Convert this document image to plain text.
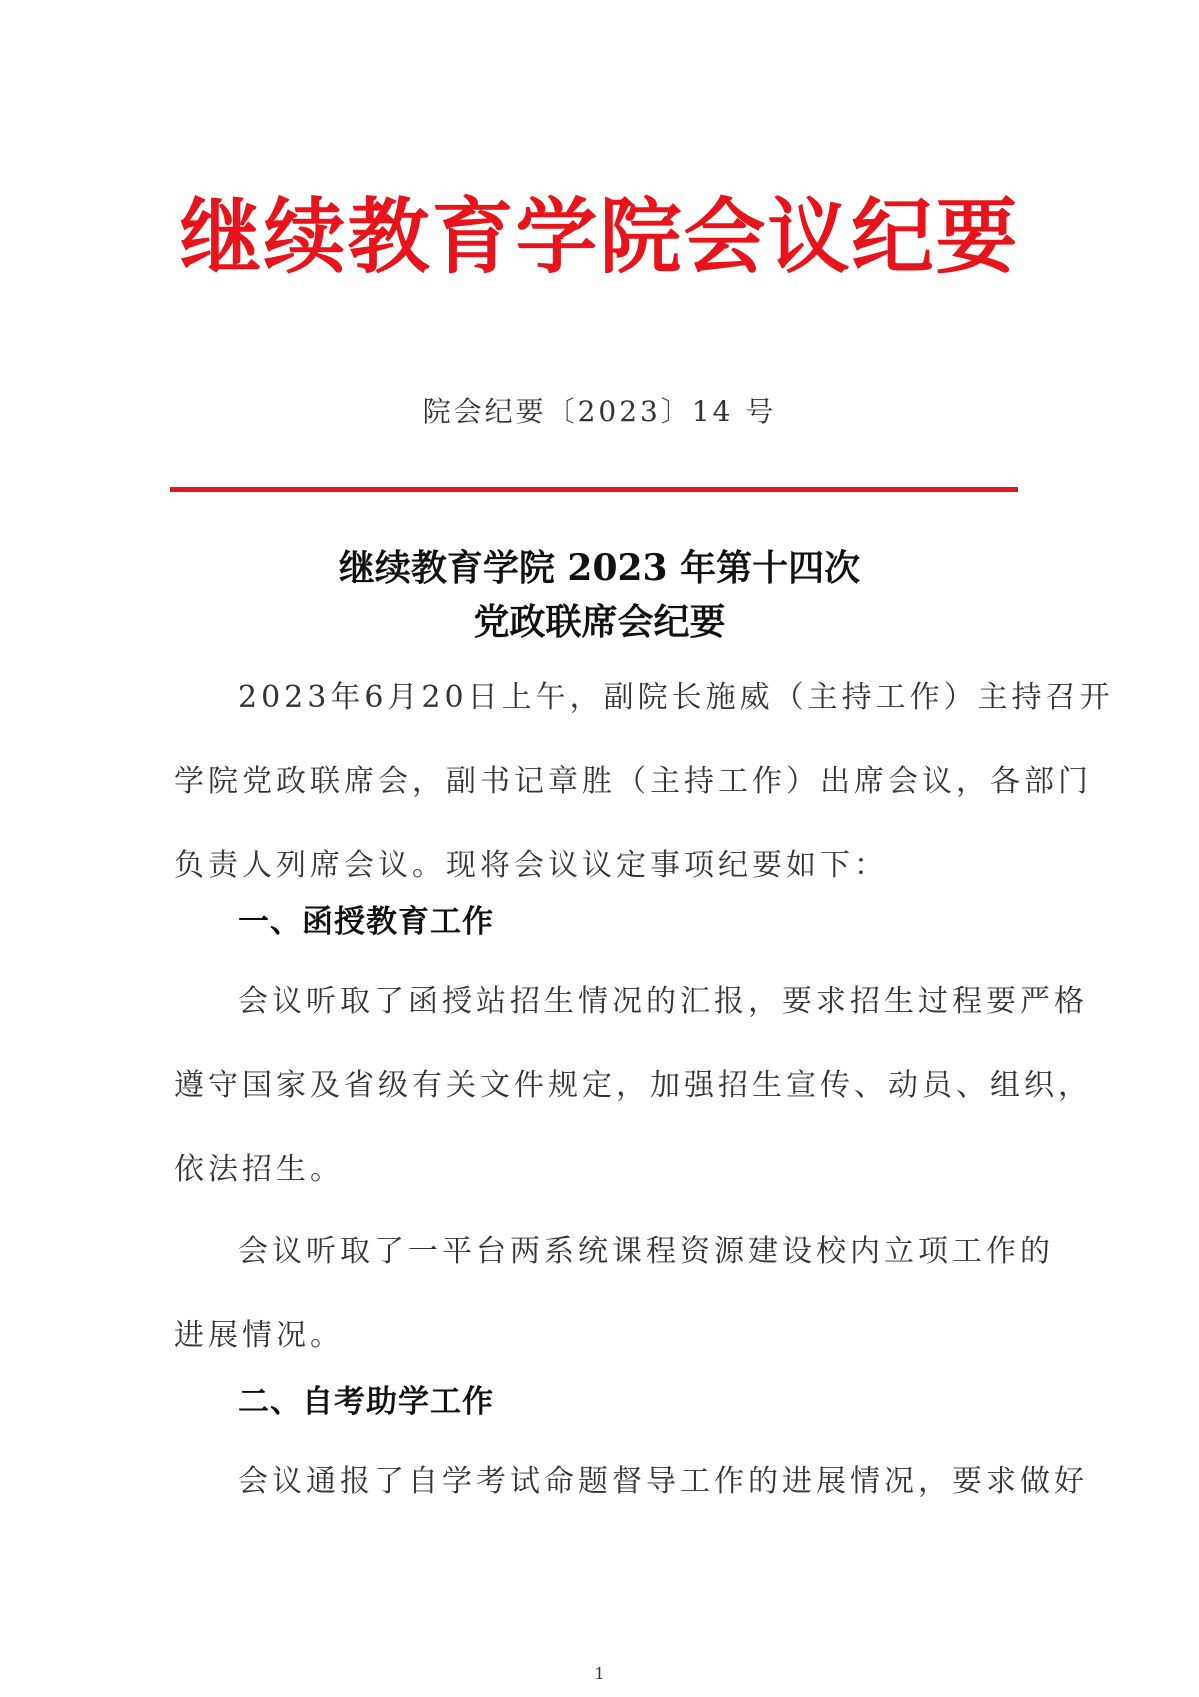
继续教育学院会议纪要
院会纪要〔2023〕14 号
继续教育学院 2023 年第十四次
党政联席会纪要
2023年6月20日上午，副院长施威（主持工作）主持召开
学院党政联席会，副书记章胜（主持工作）出席会议，各部门
负责人列席会议。现将会议议定事项纪要如下：
一、函授教育工作
会议听取了函授站招生情况的汇报，要求招生过程要严格
遵守国家及省级有关文件规定，加强招生宣传、动员、组织，
依法招生。
会议听取了一平台两系统课程资源建设校内立项工作的
进展情况。
二、自考助学工作
会议通报了自学考试命题督导工作的进展情况，要求做好
1
